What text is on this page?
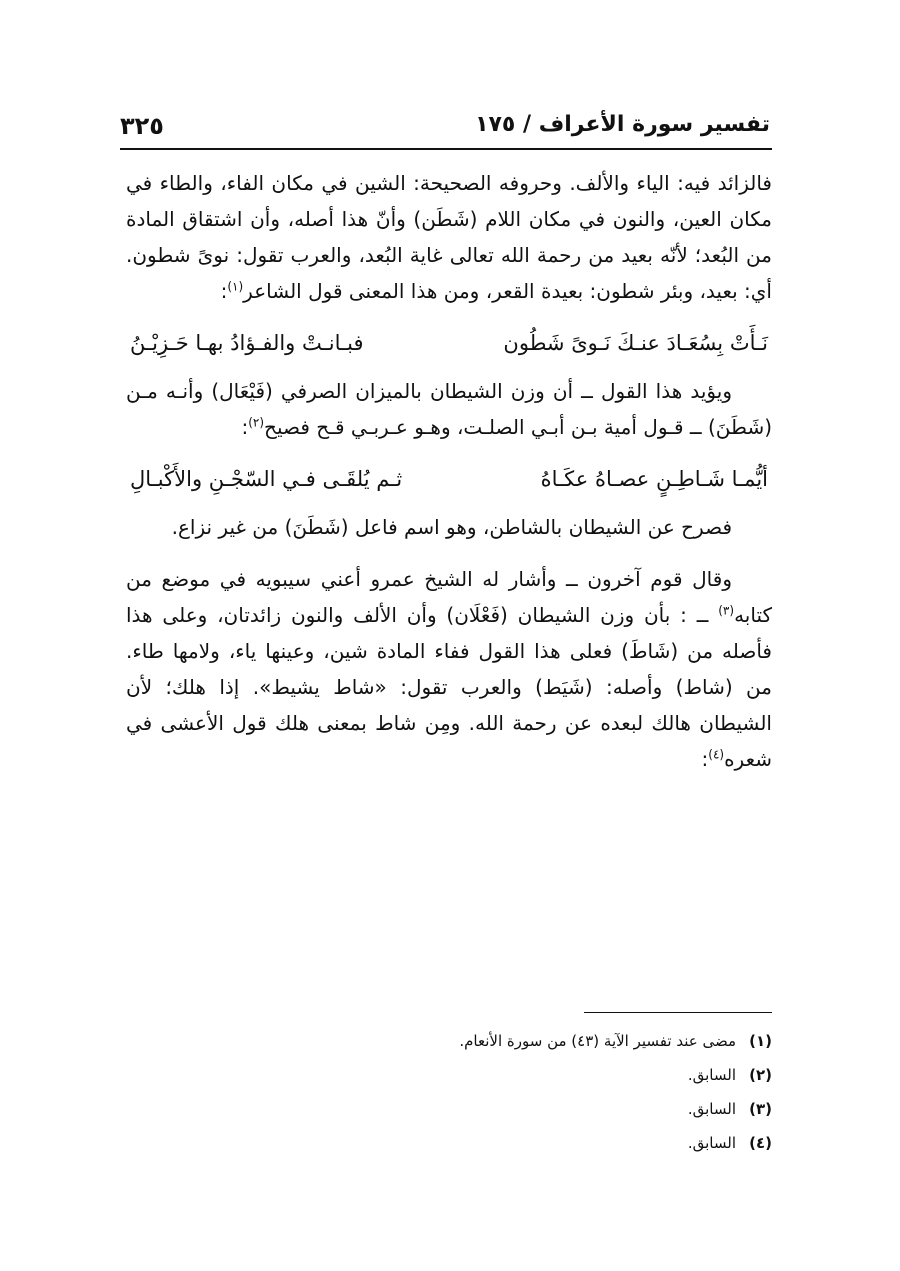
تفسير سورة الأعراف / ١٧٥
٣٢٥

فالزائد فيه: الياء والألف. وحروفه الصحيحة: الشين في مكان الفاء، والطاء في مكان العين، والنون في مكان اللام (شَطَن) وأنّ هذا أصله، وأن اشتقاق المادة من البُعد؛ لأنّه بعيد من رحمة الله تعالى غاية البُعد، والعرب تقول: نوىً شطون. أي: بعيد، وبئر شطون: بعيدة القعر، ومن هذا المعنى قول الشاعر$^{(١)}$:

نَـأَتْ بِسُعَـادَ عنـكَ نَـوىً شَطُون
فبـانـتْ والفـؤادُ بهـا حَـزِيْـنُ

ويؤيد هذا القول ــ أن وزن الشيطان بالميزان الصرفي (فَيْعَال) وأنـه مـن (شَطَنَ) ــ قـول أمية بـن أبـي الصلـت، وهـو عـربـي قـح فصيح$^{(٢)}$:

أيُّمـا شَـاطِـنٍ عصـاهُ عكَـاهُ
ثـم يُلقَـى فـي السّجْـنِ والأَكْبـالِ

فصرح عن الشيطان بالشاطن، وهو اسم فاعل (شَطَنَ) من غير نزاع.

وقال قوم آخرون ــ وأشار له الشيخ عمرو أعني سيبويه في موضع من كتابه$^{(٣)}$ ــ : بأن وزن الشيطان (فَعْلَان) وأن الألف والنون زائدتان، وعلى هذا فأصله من (شَاطَ) فعلى هذا القول ففاء المادة شين، وعينها ياء، ولامها طاء. من (شاط) وأصله: (شَيَط) والعرب تقول: «شاط يشيط». إذا هلك؛ لأن الشيطان هالك لبعده عن رحمة الله. ومِن شاط بمعنى هلك قول الأعشى في شعره$^{(٤)}$:

(١)
مضى عند تفسير الآية (٤٣) من سورة الأنعام.
(٢)
السابق.
(٣)
السابق.
(٤)
السابق.
